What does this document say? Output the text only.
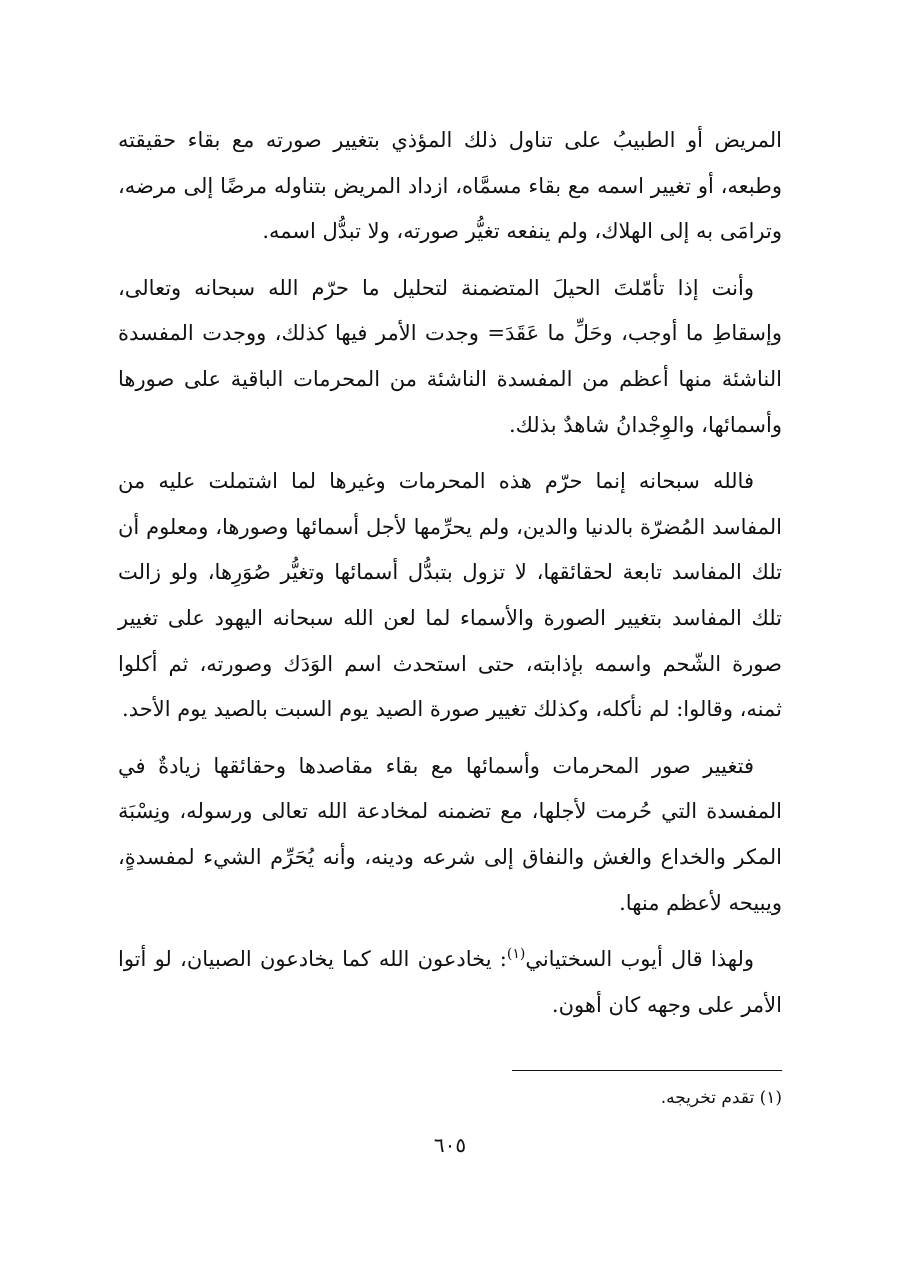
المريض أو الطبيبُ على تناول ذلك المؤذي بتغيير صورته مع بقاء حقيقته وطبعه، أو تغيير اسمه مع بقاء مسمَّاه، ازداد المريض بتناوله مرضًا إلى مرضه، وترامَى به إلى الهلاك، ولم ينفعه تغيُّر صورته، ولا تبدُّل اسمه.

وأنت إذا تأمّلتَ الحيلَ المتضمنة لتحليل ما حرّم الله سبحانه وتعالى، وإسقاطِ ما أوجب، وحَلِّ ما عَقَدَ= وجدت الأمر فيها كذلك، ووجدت المفسدة الناشئة منها أعظم من المفسدة الناشئة من المحرمات الباقية على صورها وأسمائها، والوِجْدانُ شاهدٌ بذلك.

فالله سبحانه إنما حرّم هذه المحرمات وغيرها لما اشتملت عليه من المفاسد المُضرّة بالدنيا والدين، ولم يحرِّمها لأجل أسمائها وصورها، ومعلوم أن تلك المفاسد تابعة لحقائقها، لا تزول بتبدُّل أسمائها وتغيُّر صُوَرِها، ولو زالت تلك المفاسد بتغيير الصورة والأسماء لما لعن الله سبحانه اليهود على تغيير صورة الشّحم واسمه بإذابته، حتى استحدث اسم الوَدَك وصورته، ثم أكلوا ثمنه، وقالوا: لم نأكله، وكذلك تغيير صورة الصيد يوم السبت بالصيد يوم الأحد.

فتغيير صور المحرمات وأسمائها مع بقاء مقاصدها وحقائقها زيادةٌ في المفسدة التي حُرمت لأجلها، مع تضمنه لمخادعة الله تعالى ورسوله، ونِسْبَة المكر والخداع والغش والنفاق إلى شرعه ودينه، وأنه يُحَرِّم الشيء لمفسدةٍ، ويبيحه لأعظم منها.

ولهذا قال أيوب السختياني$^{(١)}$: يخادعون الله كما يخادعون الصبيان، لو أتوا الأمر على وجهه كان أهون.

(١) تقدم تخريجه.
٦٠٥
